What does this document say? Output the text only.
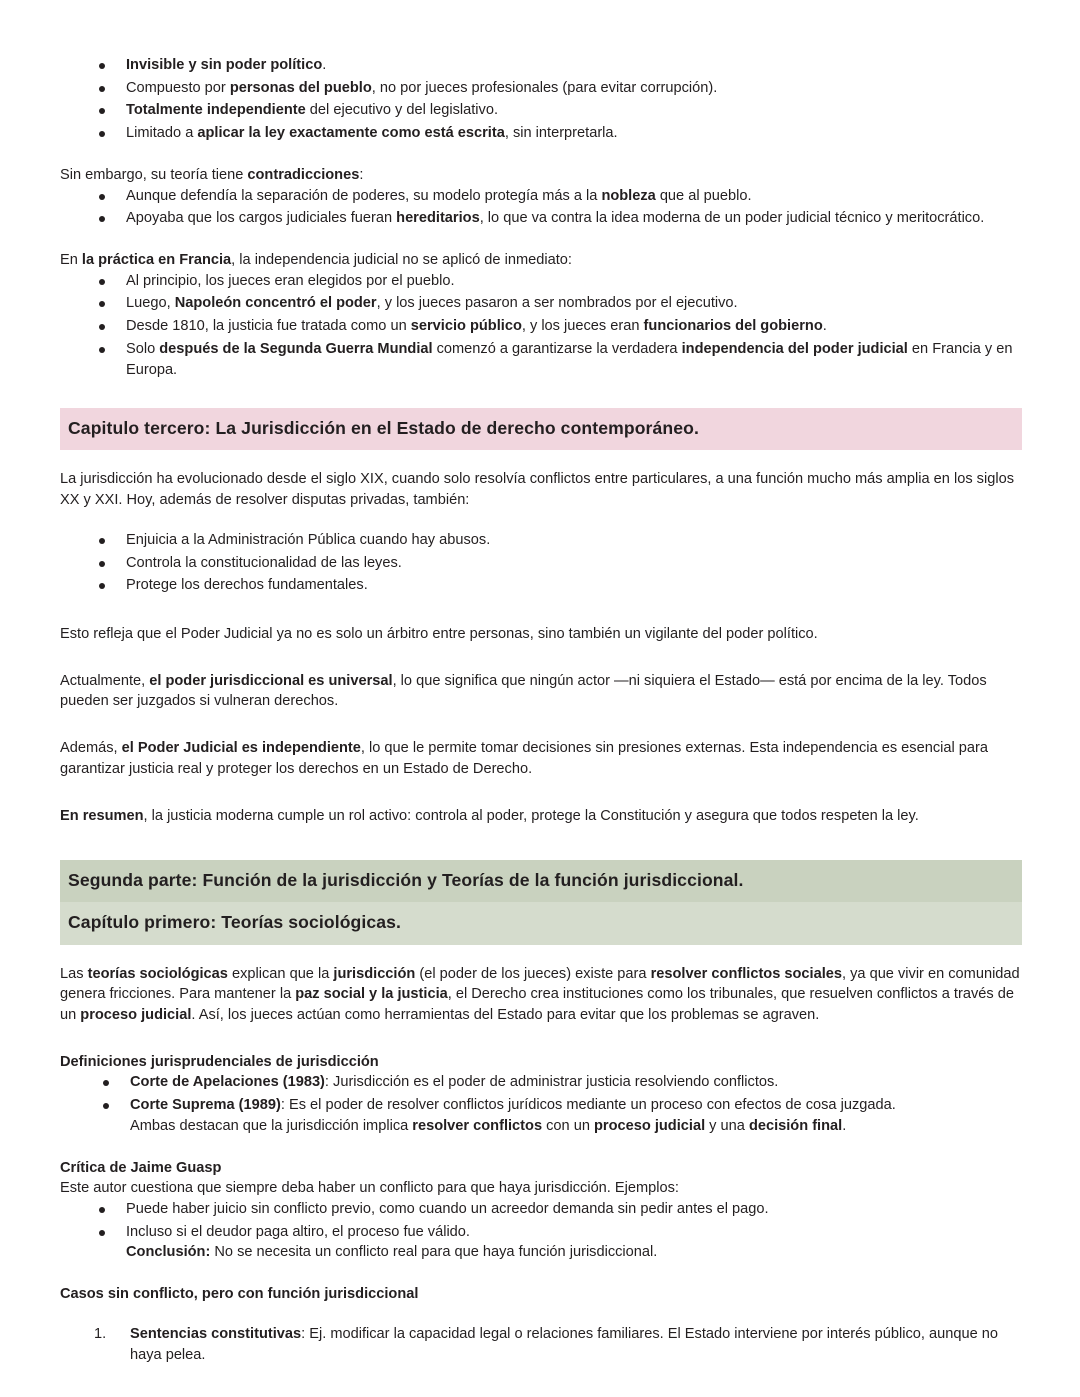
Invisible y sin poder político.
Compuesto por personas del pueblo, no por jueces profesionales (para evitar corrupción).
Totalmente independiente del ejecutivo y del legislativo.
Limitado a aplicar la ley exactamente como está escrita, sin interpretarla.

Sin embargo, su teoría tiene contradicciones:

Aunque defendía la separación de poderes, su modelo protegía más a la nobleza que al pueblo.
Apoyaba que los cargos judiciales fueran hereditarios, lo que va contra la idea moderna de un poder judicial técnico y meritocrático.

En la práctica en Francia, la independencia judicial no se aplicó de inmediato:

Al principio, los jueces eran elegidos por el pueblo.
Luego, Napoleón concentró el poder, y los jueces pasaron a ser nombrados por el ejecutivo.
Desde 1810, la justicia fue tratada como un servicio público, y los jueces eran funcionarios del gobierno.
Solo después de la Segunda Guerra Mundial comenzó a garantizarse la verdadera independencia del poder judicial en Francia y en Europa.
Capitulo tercero: La Jurisdicción en el Estado de derecho contemporáneo.

La jurisdicción ha evolucionado desde el siglo XIX, cuando solo resolvía conflictos entre particulares, a una función mucho más amplia en los siglos XX y XXI. Hoy, además de resolver disputas privadas, también:

Enjuicia a la Administración Pública cuando hay abusos.
Controla la constitucionalidad de las leyes.
Protege los derechos fundamentales.

Esto refleja que el Poder Judicial ya no es solo un árbitro entre personas, sino también un vigilante del poder político.

Actualmente, el poder jurisdiccional es universal, lo que significa que ningún actor —ni siquiera el Estado— está por encima de la ley. Todos pueden ser juzgados si vulneran derechos.

Además, el Poder Judicial es independiente, lo que le permite tomar decisiones sin presiones externas. Esta independencia es esencial para garantizar justicia real y proteger los derechos en un Estado de Derecho.

En resumen, la justicia moderna cumple un rol activo: controla al poder, protege la Constitución y asegura que todos respeten la ley.

Segunda parte: Función de la jurisdicción y Teorías de la función jurisdiccional.
Capítulo primero: Teorías sociológicas.

Las teorías sociológicas explican que la jurisdicción (el poder de los jueces) existe para resolver conflictos sociales, ya que vivir en comunidad genera fricciones. Para mantener la paz social y la justicia, el Derecho crea instituciones como los tribunales, que resuelven conflictos a través de un proceso judicial. Así, los jueces actúan como herramientas del Estado para evitar que los problemas se agraven.

Definiciones jurisprudenciales de jurisdicción

Corte de Apelaciones (1983): Jurisdicción es el poder de administrar justicia resolviendo conflictos.
Corte Suprema (1989): Es el poder de resolver conflictos jurídicos mediante un proceso con efectos de cosa juzgada.
Ambas destacan que la jurisdicción implica resolver conflictos con un proceso judicial y una decisión final.

Crítica de Jaime Guasp

Este autor cuestiona que siempre deba haber un conflicto para que haya jurisdicción. Ejemplos:

Puede haber juicio sin conflicto previo, como cuando un acreedor demanda sin pedir antes el pago.
Incluso si el deudor paga altiro, el proceso fue válido.
Conclusión: No se necesita un conflicto real para que haya función jurisdiccional.

Casos sin conflicto, pero con función jurisdiccional

Sentencias constitutivas: Ej. modificar la capacidad legal o relaciones familiares. El Estado interviene por interés público, aunque no haya pelea.
